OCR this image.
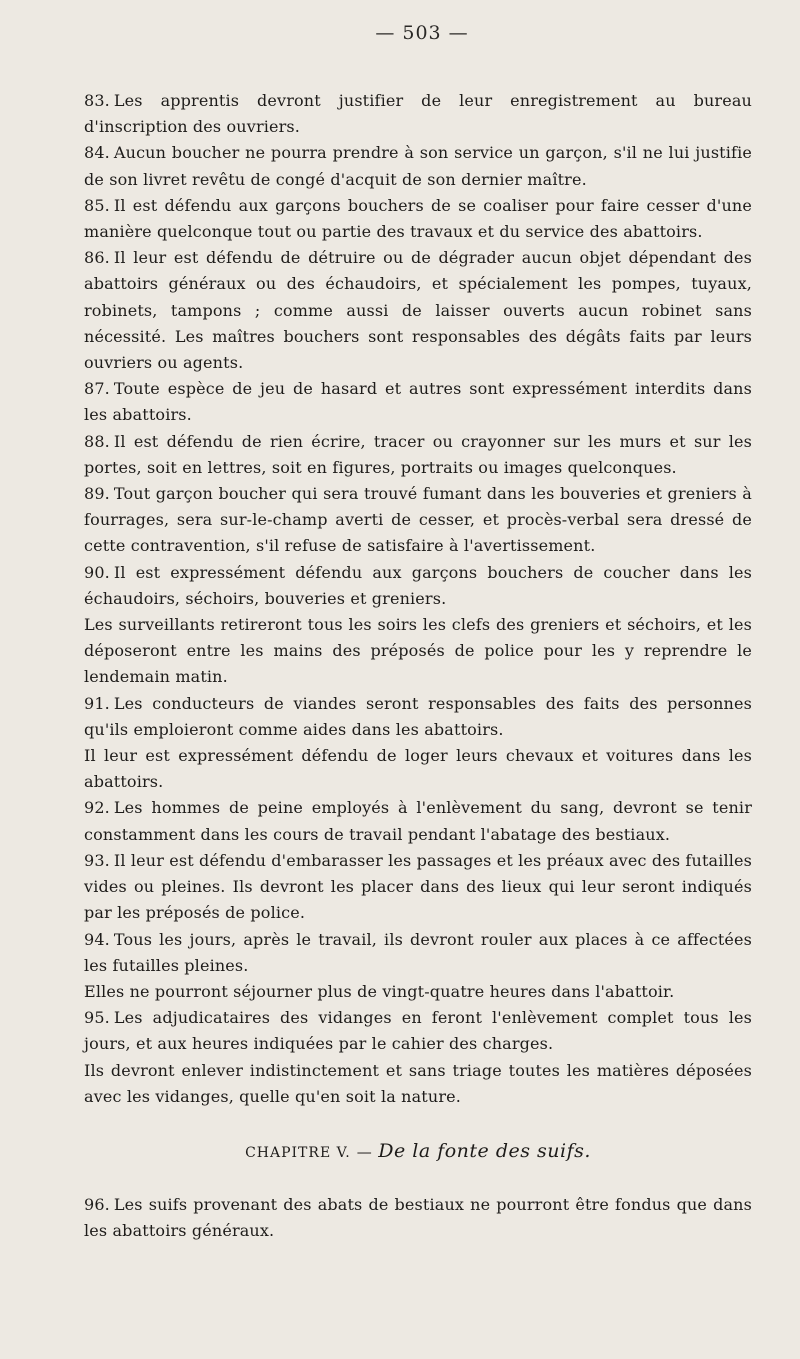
— 503 —

83. Les apprentis devront justifier de leur enregistrement au bureau d'inscription des ouvriers.

84. Aucun boucher ne pourra prendre à son service un garçon, s'il ne lui justifie de son livret revêtu de congé d'acquit de son dernier maître.

85. Il est défendu aux garçons bouchers de se coaliser pour faire cesser d'une manière quelconque tout ou partie des travaux et du service des abattoirs.

86. Il leur est défendu de détruire ou de dégrader aucun objet dépendant des abattoirs généraux ou des échaudoirs, et spécialement les pompes, tuyaux, robinets, tampons ; comme aussi de laisser ouverts aucun robinet sans nécessité. Les maîtres bouchers sont responsables des dégâts faits par leurs ouvriers ou agents.

87. Toute espèce de jeu de hasard et autres sont expressément interdits dans les abattoirs.

88. Il est défendu de rien écrire, tracer ou crayonner sur les murs et sur les portes, soit en lettres, soit en figures, portraits ou images quelconques.

89. Tout garçon boucher qui sera trouvé fumant dans les bouveries et greniers à fourrages, sera sur-le-champ averti de cesser, et procès-verbal sera dressé de cette contravention, s'il refuse de satisfaire à l'avertissement.

90. Il est expressément défendu aux garçons bouchers de coucher dans les échaudoirs, séchoirs, bouveries et greniers.

Les surveillants retireront tous les soirs les clefs des greniers et séchoirs, et les déposeront entre les mains des préposés de police pour les y reprendre le lendemain matin.

91. Les conducteurs de viandes seront responsables des faits des personnes qu'ils emploieront comme aides dans les abattoirs.

Il leur est expressément défendu de loger leurs chevaux et voitures dans les abattoirs.

92. Les hommes de peine employés à l'enlèvement du sang, devront se tenir constamment dans les cours de travail pendant l'abatage des bestiaux.

93. Il leur est défendu d'embarasser les passages et les préaux avec des futailles vides ou pleines. Ils devront les placer dans des lieux qui leur seront indiqués par les préposés de police.

94. Tous les jours, après le travail, ils devront rouler aux places à ce affectées les futailles pleines.

Elles ne pourront séjourner plus de vingt-quatre heures dans l'abattoir.

95. Les adjudicataires des vidanges en feront l'enlèvement complet tous les jours, et aux heures indiquées par le cahier des charges.

Ils devront enlever indistinctement et sans triage toutes les matières déposées avec les vidanges, quelle qu'en soit la nature.

CHAPITRE V. — De la fonte des suifs.

96. Les suifs provenant des abats de bestiaux ne pourront être fondus que dans les abattoirs généraux.
